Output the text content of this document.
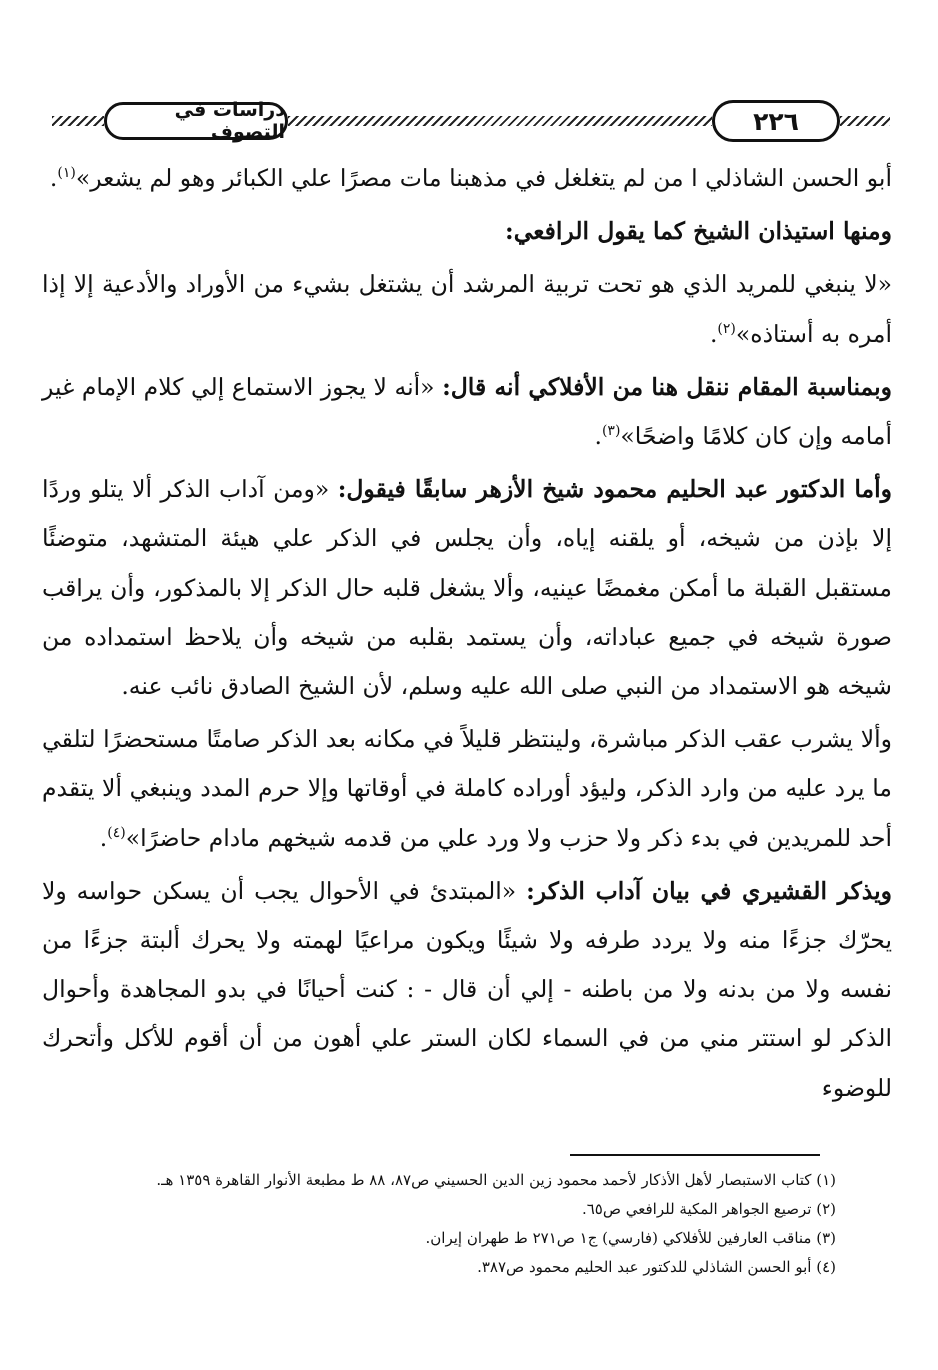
دراسات في التصوف	٢٢٦

أبو الحسن الشاذلي ا من لم يتغلغل في مذهبنا مات مصرًا علي الكبائر وهو لم يشعر»$^{(١)}$.

ومنها استيذان الشيخ كما يقول الرافعي:

«لا ينبغي للمريد الذي هو تحت تربية المرشد أن يشتغل بشيء من الأوراد والأدعية إلا إذا أمره به أستاذه»$^{(٢)}$.

وبمناسبة المقام ننقل هنا من الأفلاكي أنه قال: «أنه لا يجوز الاستماع إلي كلام الإمام غير أمامه وإن كان كلامًا واضحًا»$^{(٣)}$.

وأما الدكتور عبد الحليم محمود شيخ الأزهر سابقًا فيقول: «ومن آداب الذكر ألا يتلو وردًا إلا بإذن من شيخه، أو يلقنه إياه، وأن يجلس في الذكر علي هيئة المتشهد، متوضئًا مستقبل القبلة ما أمكن مغمضًا عينيه، وألا يشغل قلبه حال الذكر إلا بالمذكور، وأن يراقب صورة شيخه في جميع عباداته، وأن يستمد بقلبه من شيخه وأن يلاحظ استمداده من شيخه هو الاستمداد من النبي صلى الله عليه وسلم، لأن الشيخ الصادق نائب عنه.

وألا يشرب عقب الذكر مباشرة، ولينتظر قليلاً في مكانه بعد الذكر صامتًا مستحضرًا لتلقي ما يرد عليه من وارد الذكر، وليؤد أوراده كاملة في أوقاتها وإلا حرم المدد وينبغي ألا يتقدم أحد للمريدين في بدء ذكر ولا حزب ولا ورد علي من قدمه شيخهم مادام حاضرًا»$^{(٤)}$.

ويذكر القشيري في بيان آداب الذكر: «المبتدئ في الأحوال يجب أن يسكن حواسه ولا يحرّك جزءًا منه ولا يردد طرفه ولا شيئًا ويكون مراعيًا لهمته ولا يحرك ألبتة جزءًا من نفسه ولا من بدنه ولا من باطنه - إلي أن قال - : كنت أحيانًا في بدو المجاهدة وأحوال الذكر لو استتر مني من في السماء لكان الستر علي أهون من أن أقوم للأكل وأتحرك للوضوء

(١) كتاب الاستبصار لأهل الأذكار لأحمد محمود زين الدين الحسيني ص٨٧، ٨٨ ط مطبعة الأنوار القاهرة ١٣٥٩ هـ.
(٢) ترصيع الجواهر المكية للرافعي ص٦٥.
(٣) مناقب العارفين للأفلاكي (فارسي) ج١ ص٢٧١ ط طهران إيران.
(٤) أبو الحسن الشاذلي للدكتور عبد الحليم محمود ص٣٨٧.
